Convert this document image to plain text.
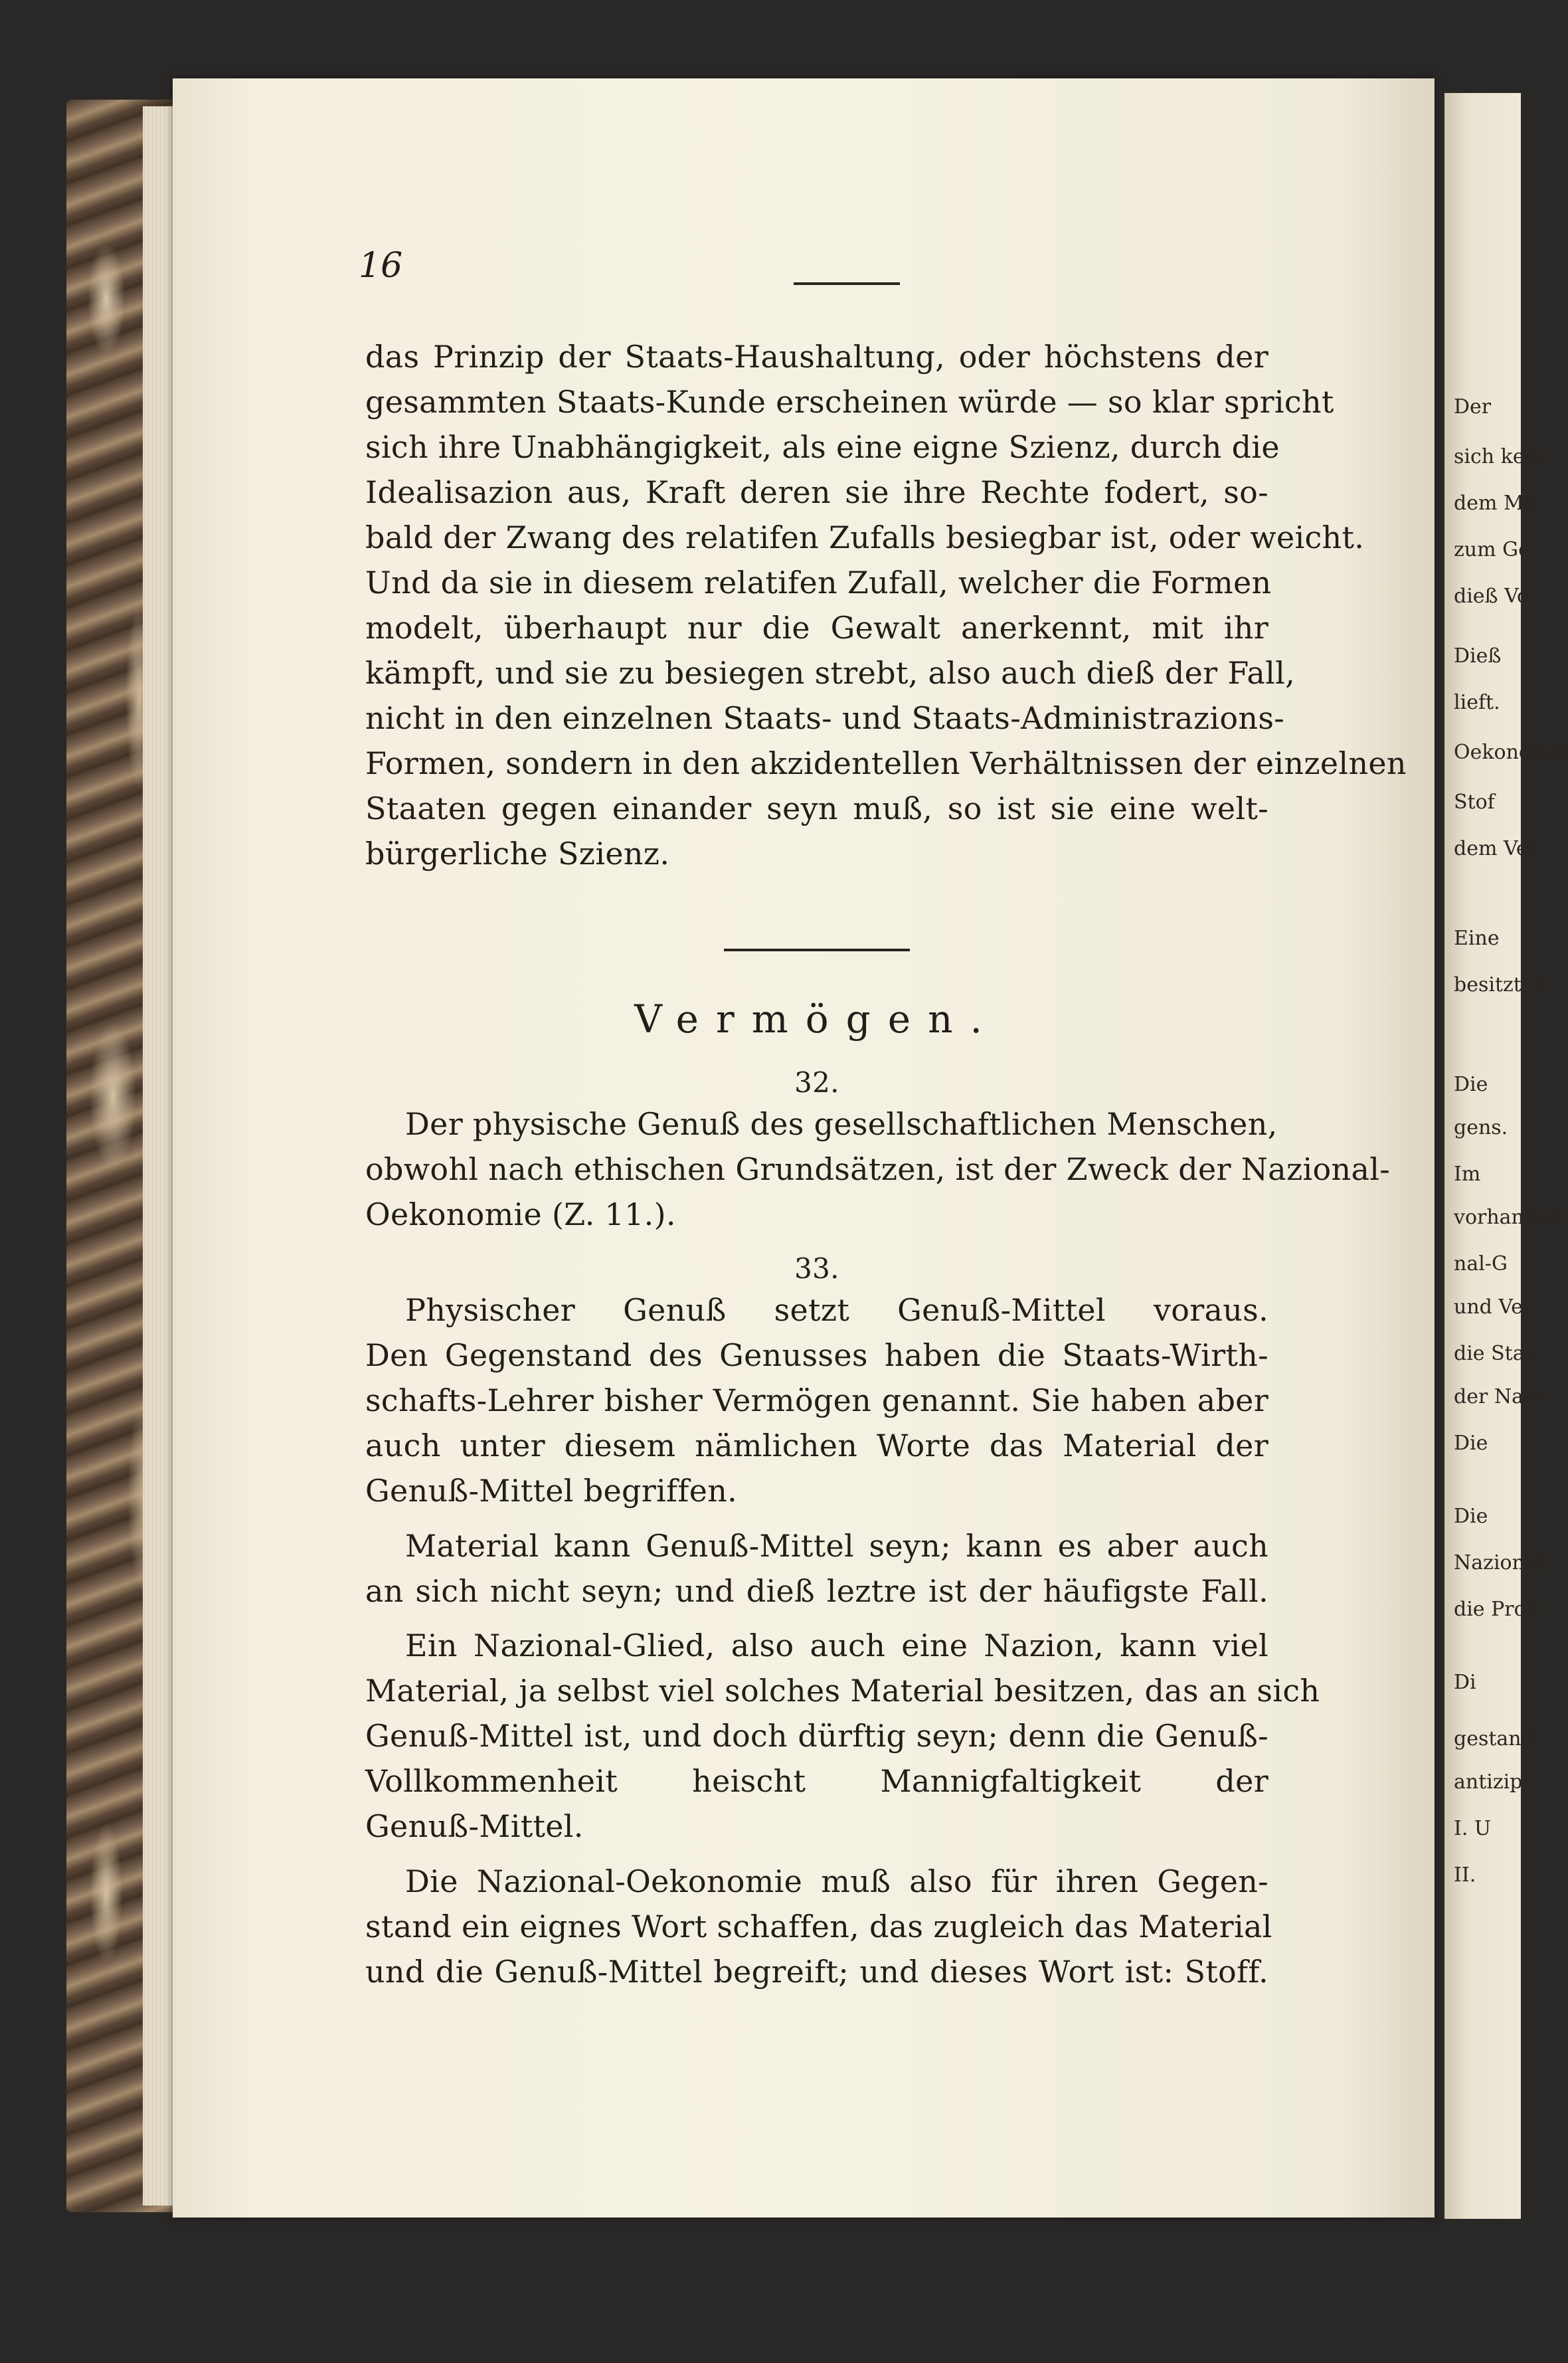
Der
sich kein
dem Ma-
zum Ge
dieß Vo
Dieß
lieft.
Oekonomie
Stof
dem Ver
Eine
besitzt, h
Die
gens.
Im
vorhanden
nal-G
und Ver
die Staa
der Nazi
Die
Die
Nazional
die Prod
Di
gestand
antizipi
I. U
II.
16
das Prinzip der Staats-Haushaltung, oder höchstens der
gesammten Staats-Kunde erscheinen würde — so klar spricht
sich ihre Unabhängigkeit, als eine eigne Szienz, durch die
Idealisazion aus, Kraft deren sie ihre Rechte fodert, so-
bald der Zwang des relatifen Zufalls besiegbar ist, oder weicht.
Und da sie in diesem relatifen Zufall, welcher die Formen
modelt, überhaupt nur die Gewalt anerkennt, mit ihr
kämpft, und sie zu besiegen strebt, also auch dieß der Fall,
nicht in den einzelnen Staats- und Staats-Administrazions-
Formen, sondern in den akzidentellen Verhältnissen der einzelnen
Staaten gegen einander seyn muß, so ist sie eine welt-
bürgerliche Szienz.
Vermögen.
32.
Der physische Genuß des gesellschaftlichen Menschen,
obwohl nach ethischen Grundsätzen, ist der Zweck der Nazional-
Oekonomie (Z. 11.).
33.
Physischer Genuß setzt Genuß-Mittel voraus.
Den Gegenstand des Genusses haben die Staats-Wirth-
schafts-Lehrer bisher Vermögen genannt. Sie haben aber
auch unter diesem nämlichen Worte das Material der
Genuß-Mittel begriffen.
Material kann Genuß-Mittel seyn; kann es aber auch
an sich nicht seyn; und dieß leztre ist der häufigste Fall.
Ein Nazional-Glied, also auch eine Nazion, kann viel
Material, ja selbst viel solches Material besitzen, das an sich
Genuß-Mittel ist, und doch dürftig seyn; denn die Genuß-
Vollkommenheit heischt Mannigfaltigkeit der
Genuß-Mittel.
Die Nazional-Oekonomie muß also für ihren Gegen-
stand ein eignes Wort schaffen, das zugleich das Material
und die Genuß-Mittel begreift; und dieses Wort ist: Stoff.
